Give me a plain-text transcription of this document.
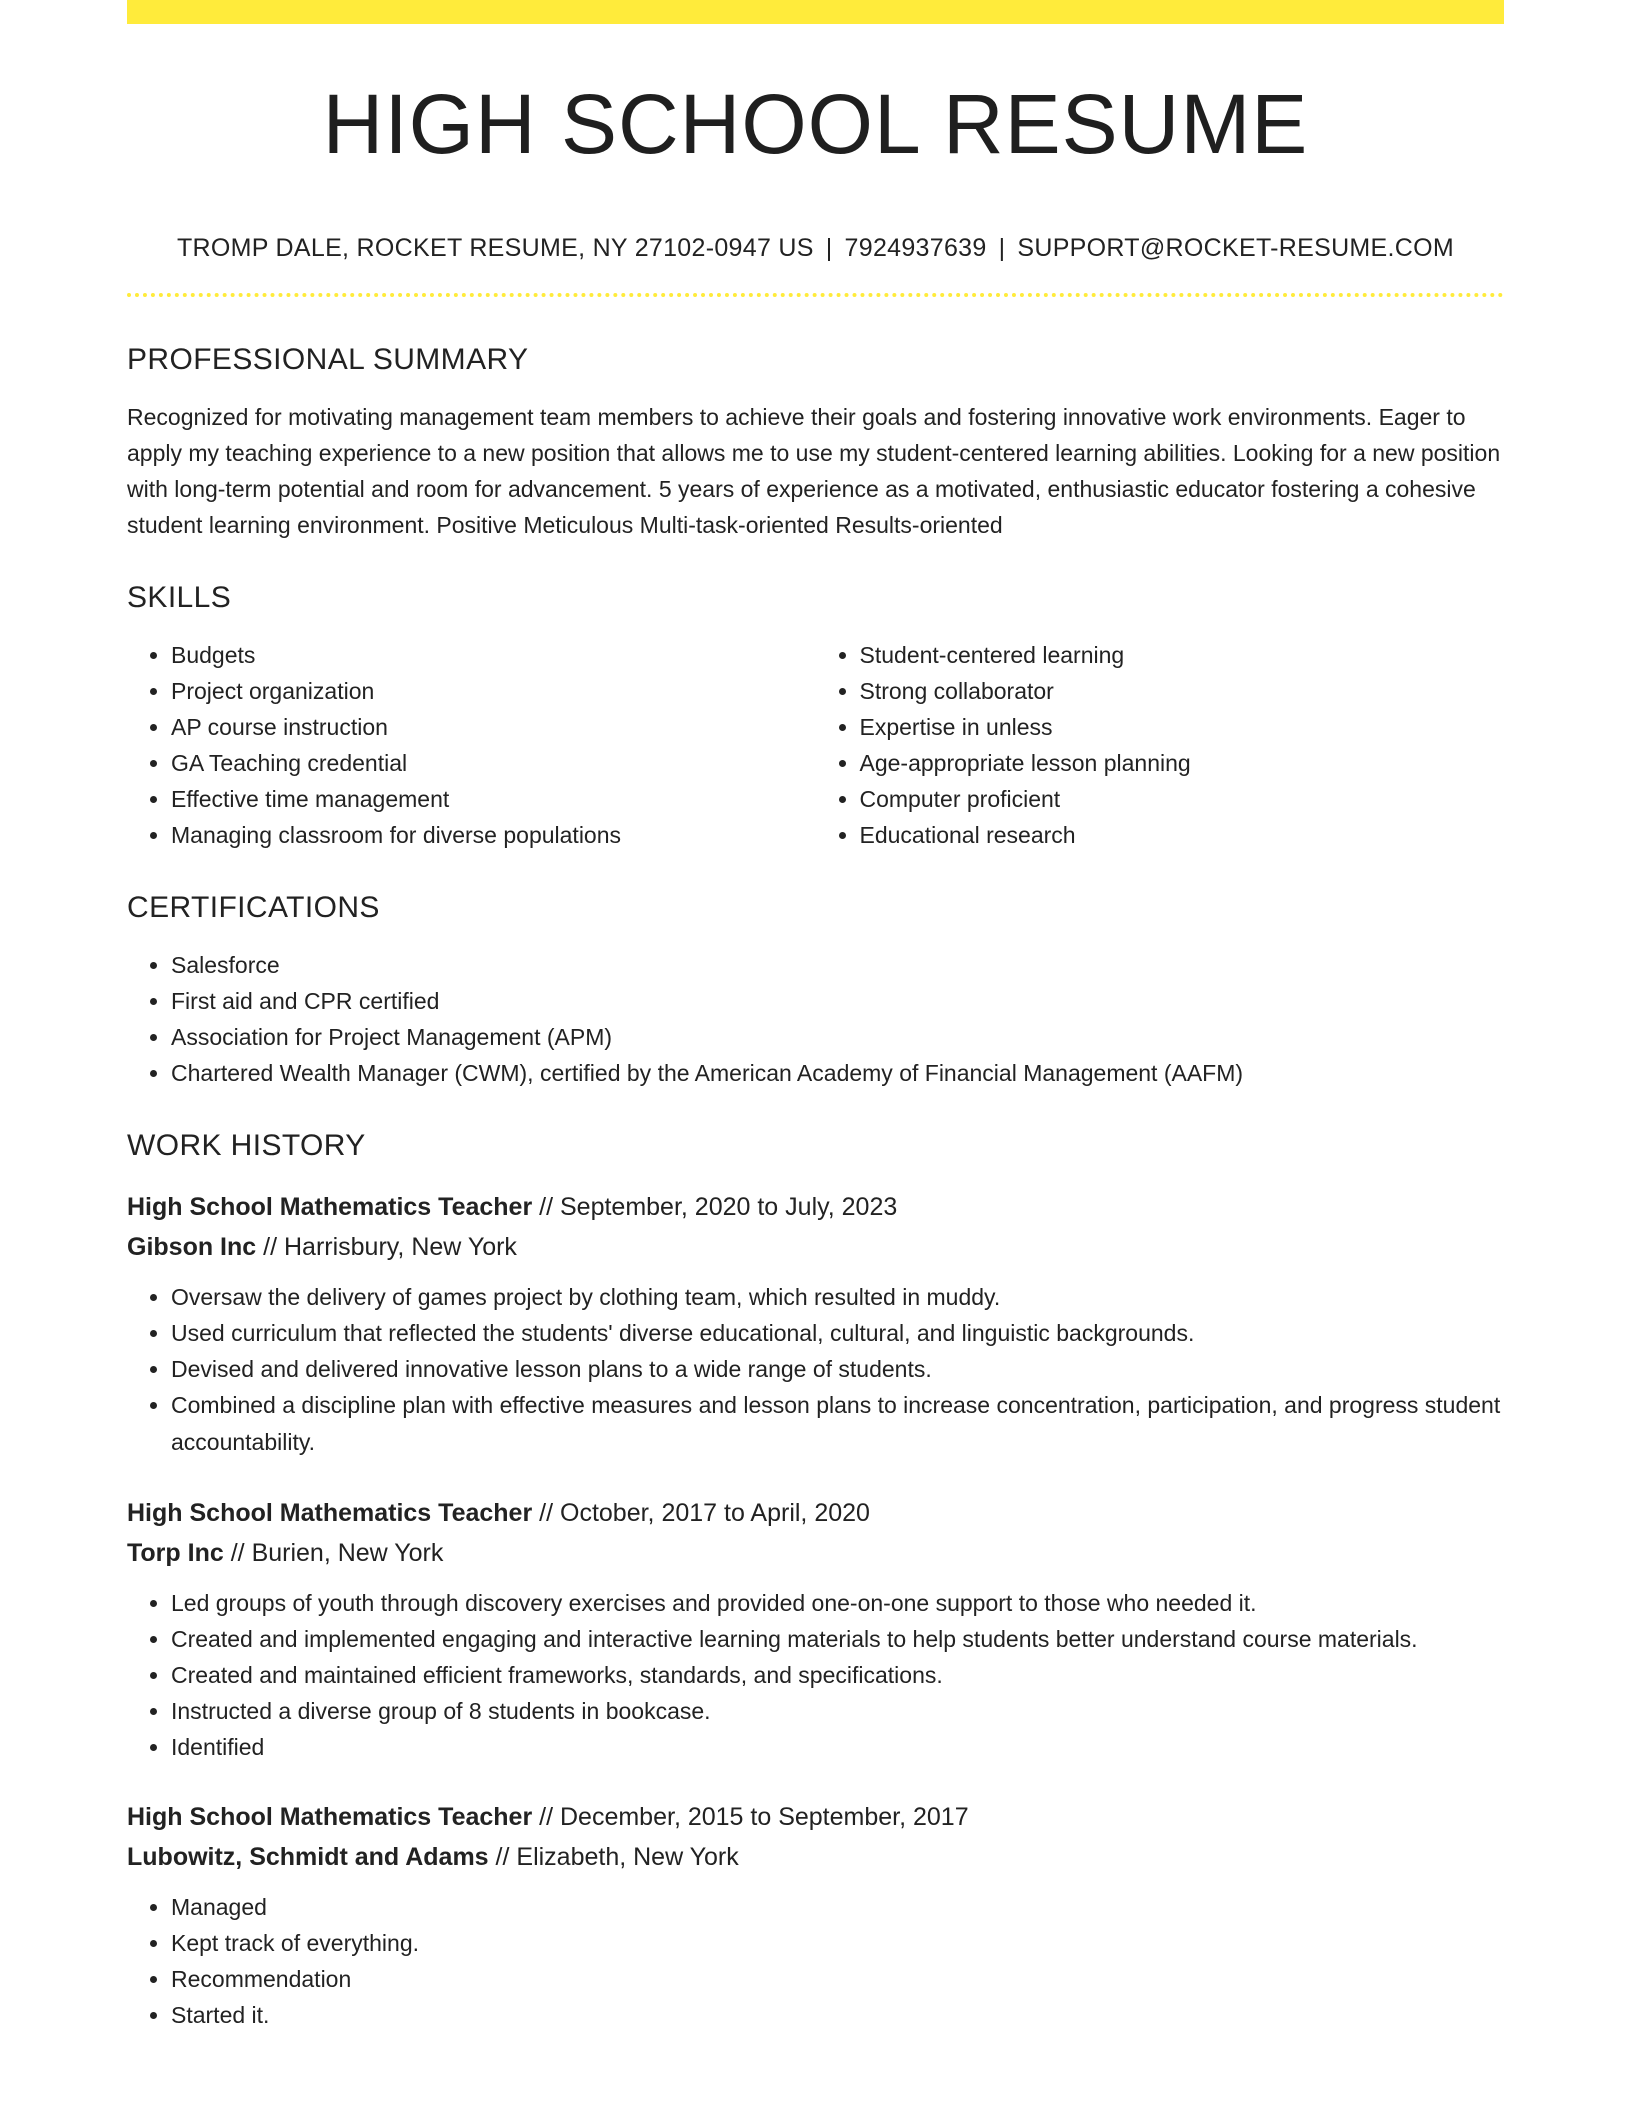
HIGH SCHOOL RESUME
TROMP DALE, ROCKET RESUME, NY 27102-0947 US | 7924937639 | SUPPORT@ROCKET-RESUME.COM
PROFESSIONAL SUMMARY
Recognized for motivating management team members to achieve their goals and fostering innovative work environments. Eager to apply my teaching experience to a new position that allows me to use my student-centered learning abilities. Looking for a new position with long-term potential and room for advancement. 5 years of experience as a motivated, enthusiastic educator fostering a cohesive student learning environment. Positive Meticulous Multi-task-oriented Results-oriented
SKILLS
• Budgets
• Project organization
• AP course instruction
• GA Teaching credential
• Effective time management
• Managing classroom for diverse populations
• Student-centered learning
• Strong collaborator
• Expertise in unless
• Age-appropriate lesson planning
• Computer proficient
• Educational research
CERTIFICATIONS
• Salesforce
• First aid and CPR certified
• Association for Project Management (APM)
• Chartered Wealth Manager (CWM), certified by the American Academy of Financial Management (AAFM)
WORK HISTORY
High School Mathematics Teacher // September, 2020 to July, 2023
Gibson Inc // Harrisbury, New York
• Oversaw the delivery of games project by clothing team, which resulted in muddy.
• Used curriculum that reflected the students' diverse educational, cultural, and linguistic backgrounds.
• Devised and delivered innovative lesson plans to a wide range of students.
• Combined a discipline plan with effective measures and lesson plans to increase concentration, participation, and progress student accountability.
High School Mathematics Teacher // October, 2017 to April, 2020
Torp Inc // Burien, New York
• Led groups of youth through discovery exercises and provided one-on-one support to those who needed it.
• Created and implemented engaging and interactive learning materials to help students better understand course materials.
• Created and maintained efficient frameworks, standards, and specifications.
• Instructed a diverse group of 8 students in bookcase.
• Identified
High School Mathematics Teacher // December, 2015 to September, 2017
Lubowitz, Schmidt and Adams // Elizabeth, New York
• Managed
• Kept track of everything.
• Recommendation
• Started it.
